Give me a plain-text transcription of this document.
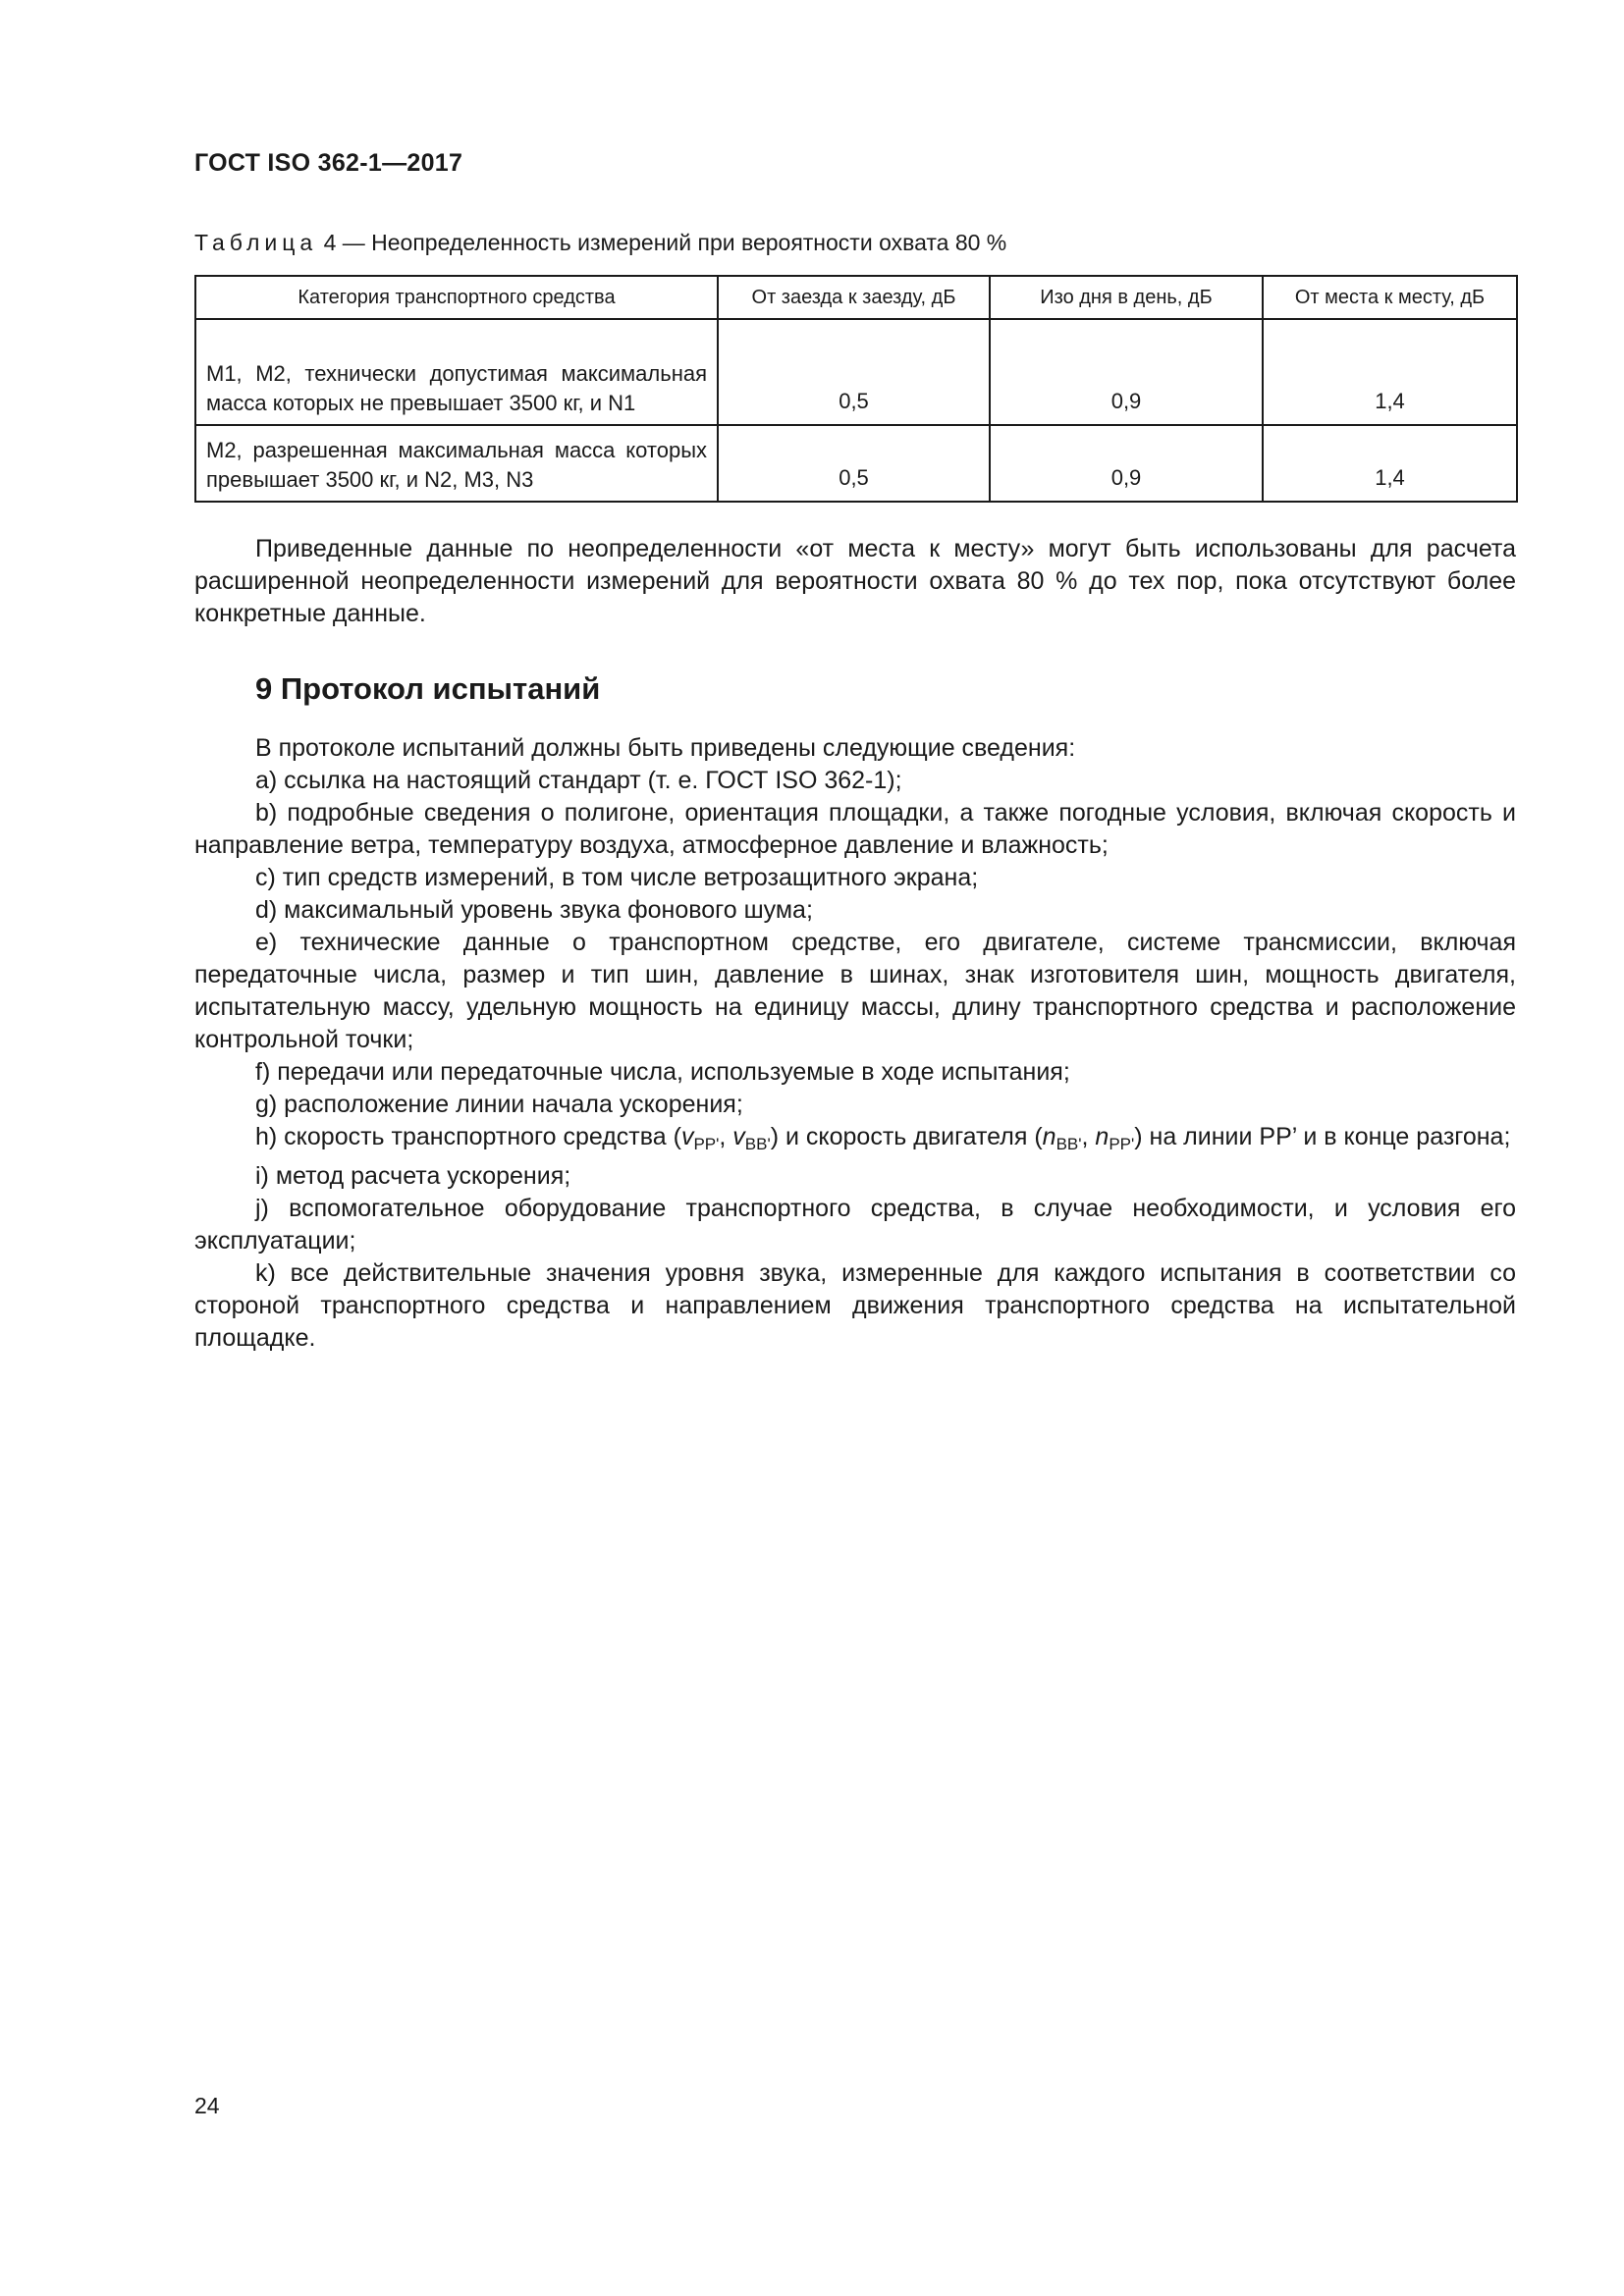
ГОСТ ISO 362-1—2017
Таблица 4 — Неопределенность измерений при вероятности охвата 80 %
Категория транспортного средства	От заезда к заезду, дБ	Изо дня в день, дБ	От места к месту, дБ
M1, M2, технически допустимая максимальная масса которых не превышает 3500 кг, и N1	0,5	0,9	1,4
M2, разрешенная максимальная масса которых превышает 3500 кг, и N2, M3, N3	0,5	0,9	1,4

Приведенные данные по неопределенности «от места к месту» могут быть использованы для расчета расширенной неопределенности измерений для вероятности охвата 80 % до тех пор, пока отсутствуют более конкретные данные.

9 Протокол испытаний

В протоколе испытаний должны быть приведены следующие сведения:

а) ссылка на настоящий стандарт (т. е. ГОСТ ISO 362-1);

b) подробные сведения о полигоне, ориентация площадки, а также погодные условия, включая скорость и направление ветра, температуру воздуха, атмосферное давление и влажность;

c) тип средств измерений, в том числе ветрозащитного экрана;

d) максимальный уровень звука фонового шума;

e) технические данные о транспортном средстве, его двигателе, системе трансмиссии, включая передаточные числа, размер и тип шин, давление в шинах, знак изготовителя шин, мощность двигателя, испытательную массу, удельную мощность на единицу массы, длину транспортного средства и расположение контрольной точки;

f) передачи или передаточные числа, используемые в ходе испытания;

g) расположение линии начала ускорения;

h) скорость транспортного средства ($v_{PP'}$, $v_{BB'}$) и скорость двигателя ($n_{BB'}$, $n_{PP'}$) на линии PP’ и в конце разгона;

i) метод расчета ускорения;

j) вспомогательное оборудование транспортного средства, в случае необходимости, и условия его эксплуатации;

k) все действительные значения уровня звука, измеренные для каждого испытания в соответствии со стороной транспортного средства и направлением движения транспортного средства на испытательной площадке.

24
